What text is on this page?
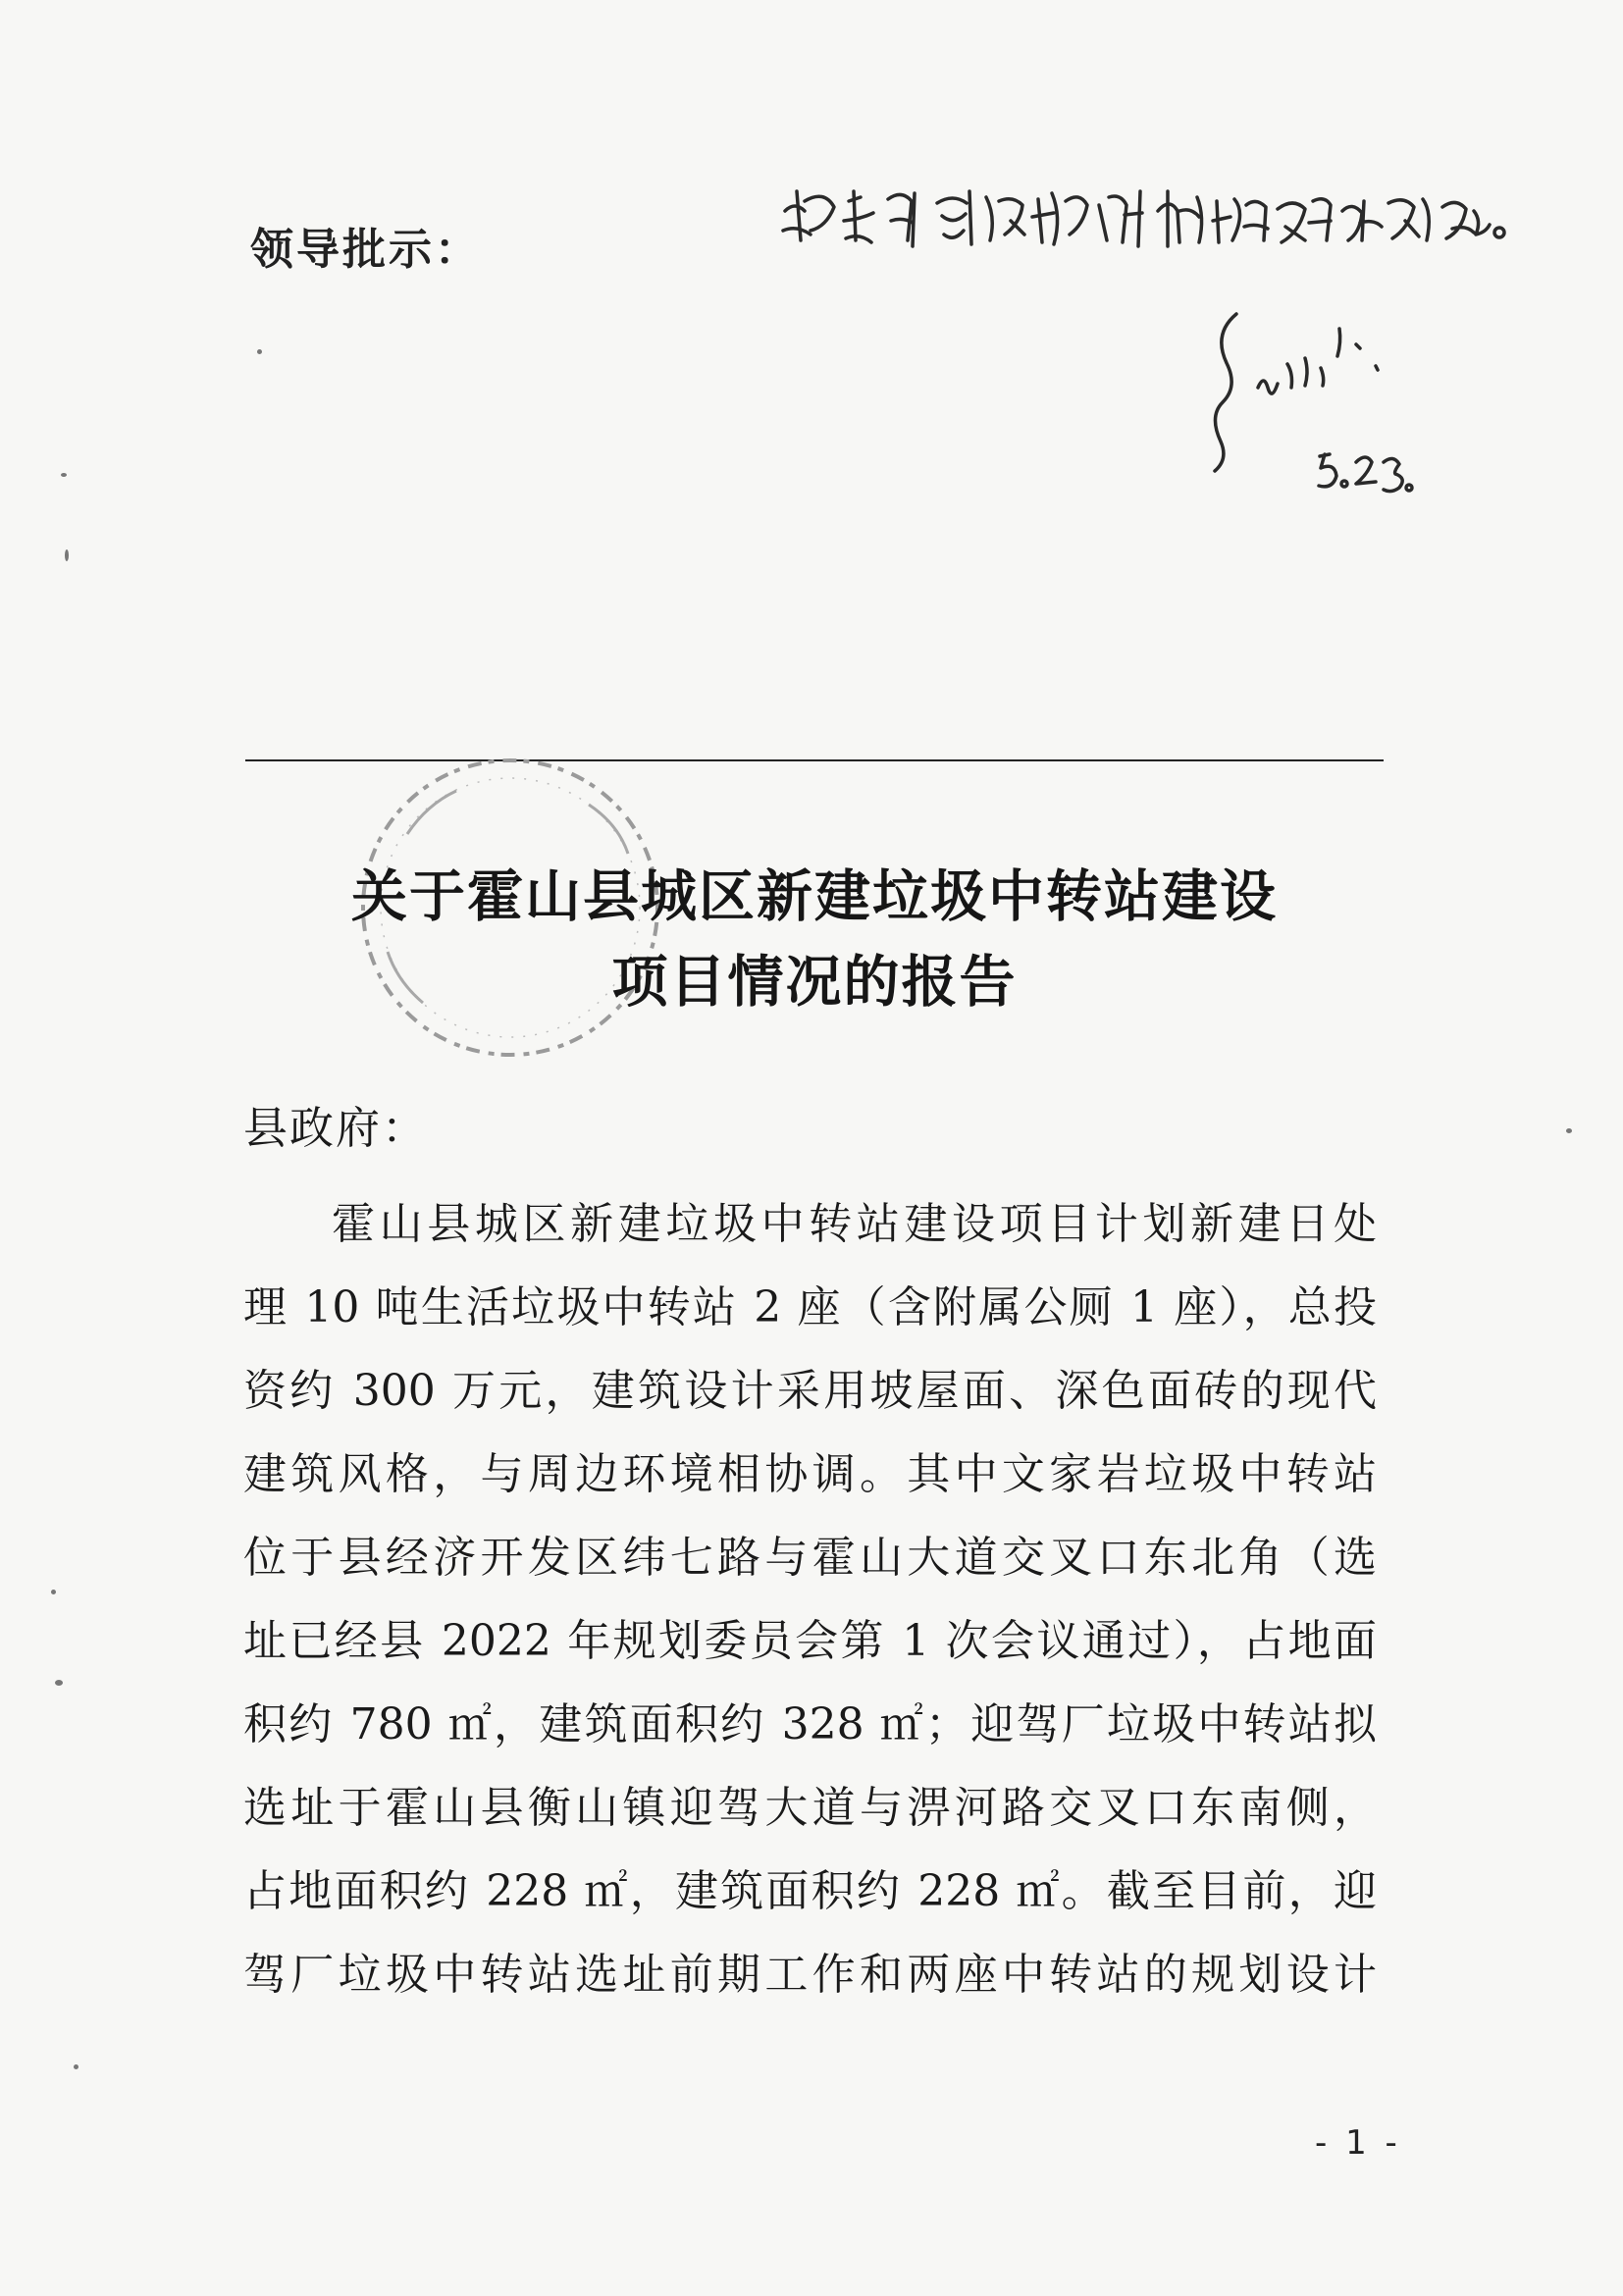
领导批示：
关于霍山县城区新建垃圾中转站建设
项目情况的报告
县政府：
霍山县城区新建垃圾中转站建设项目计划新建日处
理 10 吨生活垃圾中转站 2 座（含附属公厕 1 座），总投
资约 300 万元，建筑设计采用坡屋面、深色面砖的现代
建筑风格，与周边环境相协调。其中文家岩垃圾中转站
位于县经济开发区纬七路与霍山大道交叉口东北角（选
址已经县 2022 年规划委员会第 1 次会议通过），占地面
积约 780 ㎡，建筑面积约 328 ㎡；迎驾厂垃圾中转站拟
选址于霍山县衡山镇迎驾大道与淠河路交叉口东南侧，
占地面积约 228 ㎡，建筑面积约 228 ㎡。截至目前，迎
驾厂垃圾中转站选址前期工作和两座中转站的规划设计
- 1 -
